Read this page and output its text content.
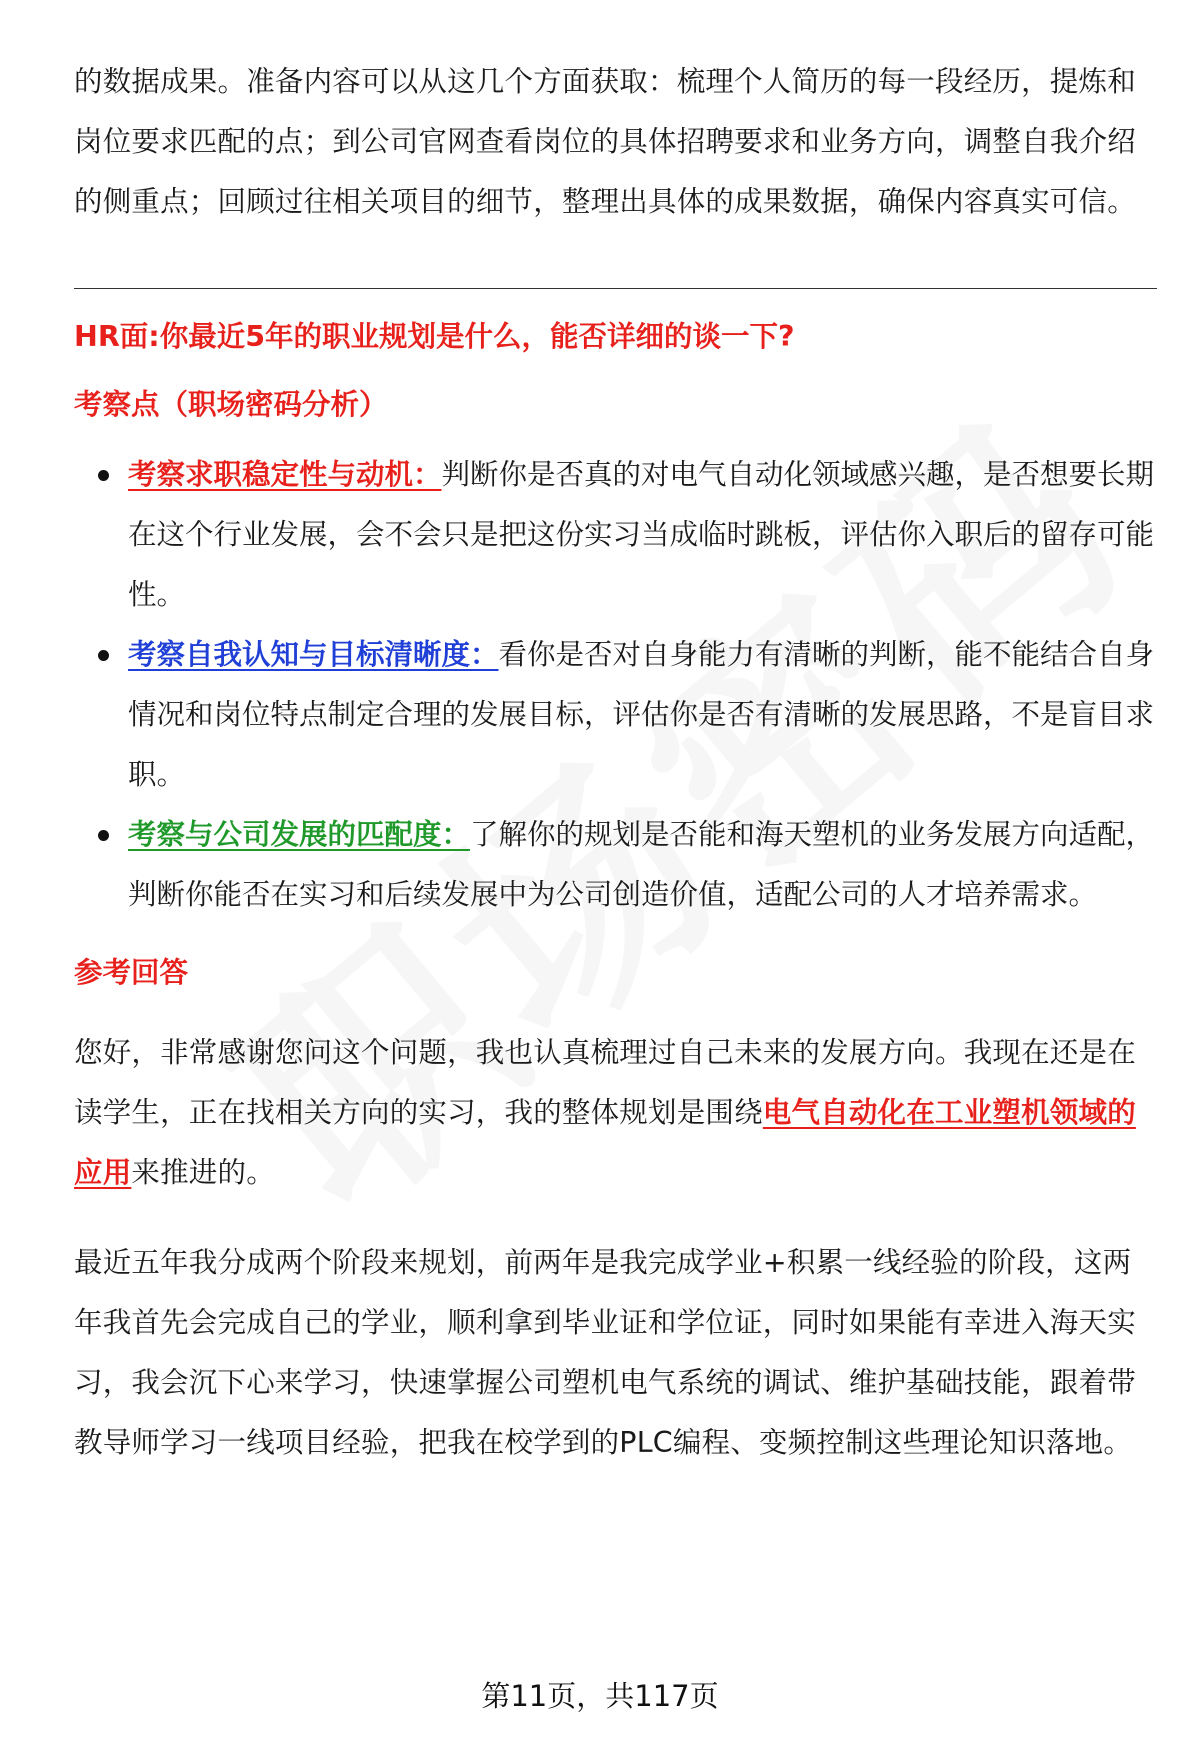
的数据成果。准备内容可以从这几个方面获取：梳理个人简历的每一段经历，提炼和岗位要求匹配的点；到公司官网查看岗位的具体招聘要求和业务方向，调整自我介绍的侧重点；回顾过往相关项目的细节，整理出具体的成果数据，确保内容真实可信。

HR面:你最近5年的职业规划是什么，能否详细的谈一下?
考察点（职场密码分析）
考察求职稳定性与动机：判断你是否真的对电气自动化领域感兴趣，是否想要长期在这个行业发展，会不会只是把这份实习当成临时跳板，评估你入职后的留存可能性。
考察自我认知与目标清晰度：看你是否对自身能力有清晰的判断，能不能结合自身情况和岗位特点制定合理的发展目标，评估你是否有清晰的发展思路，不是盲目求职。
考察与公司发展的匹配度：了解你的规划是否能和海天塑机的业务发展方向适配，判断你能否在实习和后续发展中为公司创造价值，适配公司的人才培养需求。
参考回答

您好，非常感谢您问这个问题，我也认真梳理过自己未来的发展方向。我现在还是在读学生，正在找相关方向的实习，我的整体规划是围绕电气自动化在工业塑机领域的应用来推进的。

最近五年我分成两个阶段来规划，前两年是我完成学业+积累一线经验的阶段，这两年我首先会完成自己的学业，顺利拿到毕业证和学位证，同时如果能有幸进入海天实习，我会沉下心来学习，快速掌握公司塑机电气系统的调试、维护基础技能，跟着带教导师学习一线项目经验，把我在校学到的PLC编程、变频控制这些理论知识落地。

第11页，共117页
